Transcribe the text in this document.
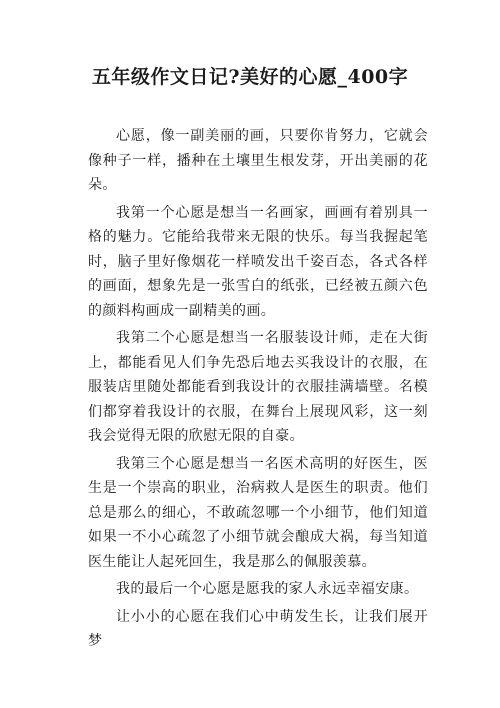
五年级作文日记?美好的心愿_400字

心愿，像一副美丽的画，只要你肯努力，它就会像种子一样，播种在土壤里生根发芽，开出美丽的花朵。

我第一个心愿是想当一名画家，画画有着别具一格的魅力。它能给我带来无限的快乐。每当我握起笔时，脑子里好像烟花一样喷发出千姿百态，各式各样的画面，想象先是一张雪白的纸张，已经被五颜六色的颜料构画成一副精美的画。

我第二个心愿是想当一名服装设计师，走在大街上，都能看见人们争先恐后地去买我设计的衣服，在服装店里随处都能看到我设计的衣服挂满墙壁。名模们都穿着我设计的衣服，在舞台上展现风彩，这一刻我会觉得无限的欣慰无限的自豪。

我第三个心愿是想当一名医术高明的好医生，医生是一个崇高的职业，治病救人是医生的职责。他们总是那么的细心，不敢疏忽哪一个小细节，他们知道如果一不小心疏忽了小细节就会酿成大祸，每当知道医生能让人起死回生，我是那么的佩服羡慕。

我的最后一个心愿是愿我的家人永远幸福安康。

让小小的心愿在我们心中萌发生长，让我们展开梦
